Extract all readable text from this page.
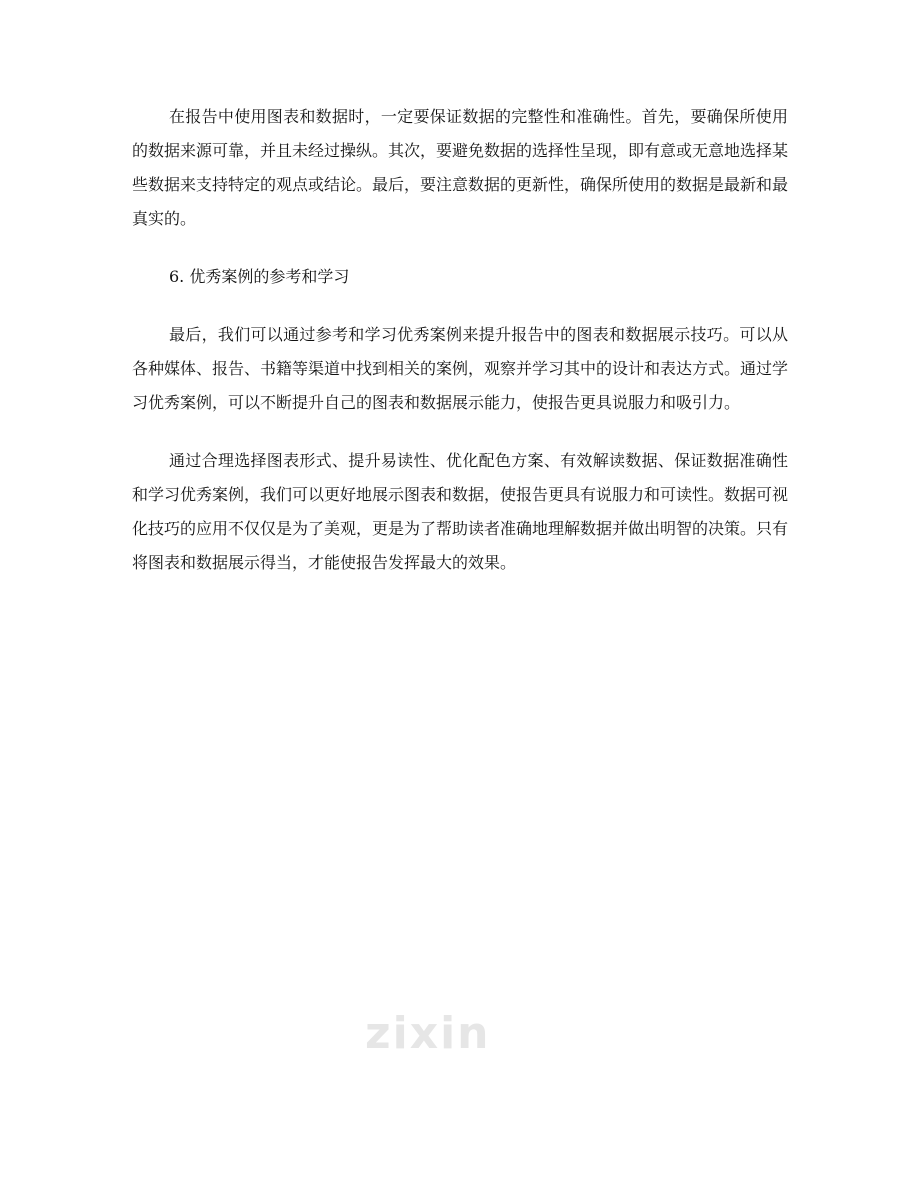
在报告中使用图表和数据时，一定要保证数据的完整性和准确性。首先，要确保所使用的数据来源可靠，并且未经过操纵。其次，要避免数据的选择性呈现，即有意或无意地选择某些数据来支持特定的观点或结论。最后，要注意数据的更新性，确保所使用的数据是最新和最真实的。

6. 优秀案例的参考和学习

最后，我们可以通过参考和学习优秀案例来提升报告中的图表和数据展示技巧。可以从各种媒体、报告、书籍等渠道中找到相关的案例，观察并学习其中的设计和表达方式。通过学习优秀案例，可以不断提升自己的图表和数据展示能力，使报告更具说服力和吸引力。

通过合理选择图表形式、提升易读性、优化配色方案、有效解读数据、保证数据准确性和学习优秀案例，我们可以更好地展示图表和数据，使报告更具有说服力和可读性。数据可视化技巧的应用不仅仅是为了美观，更是为了帮助读者准确地理解数据并做出明智的决策。只有将图表和数据展示得当，才能使报告发挥最大的效果。

zixin
